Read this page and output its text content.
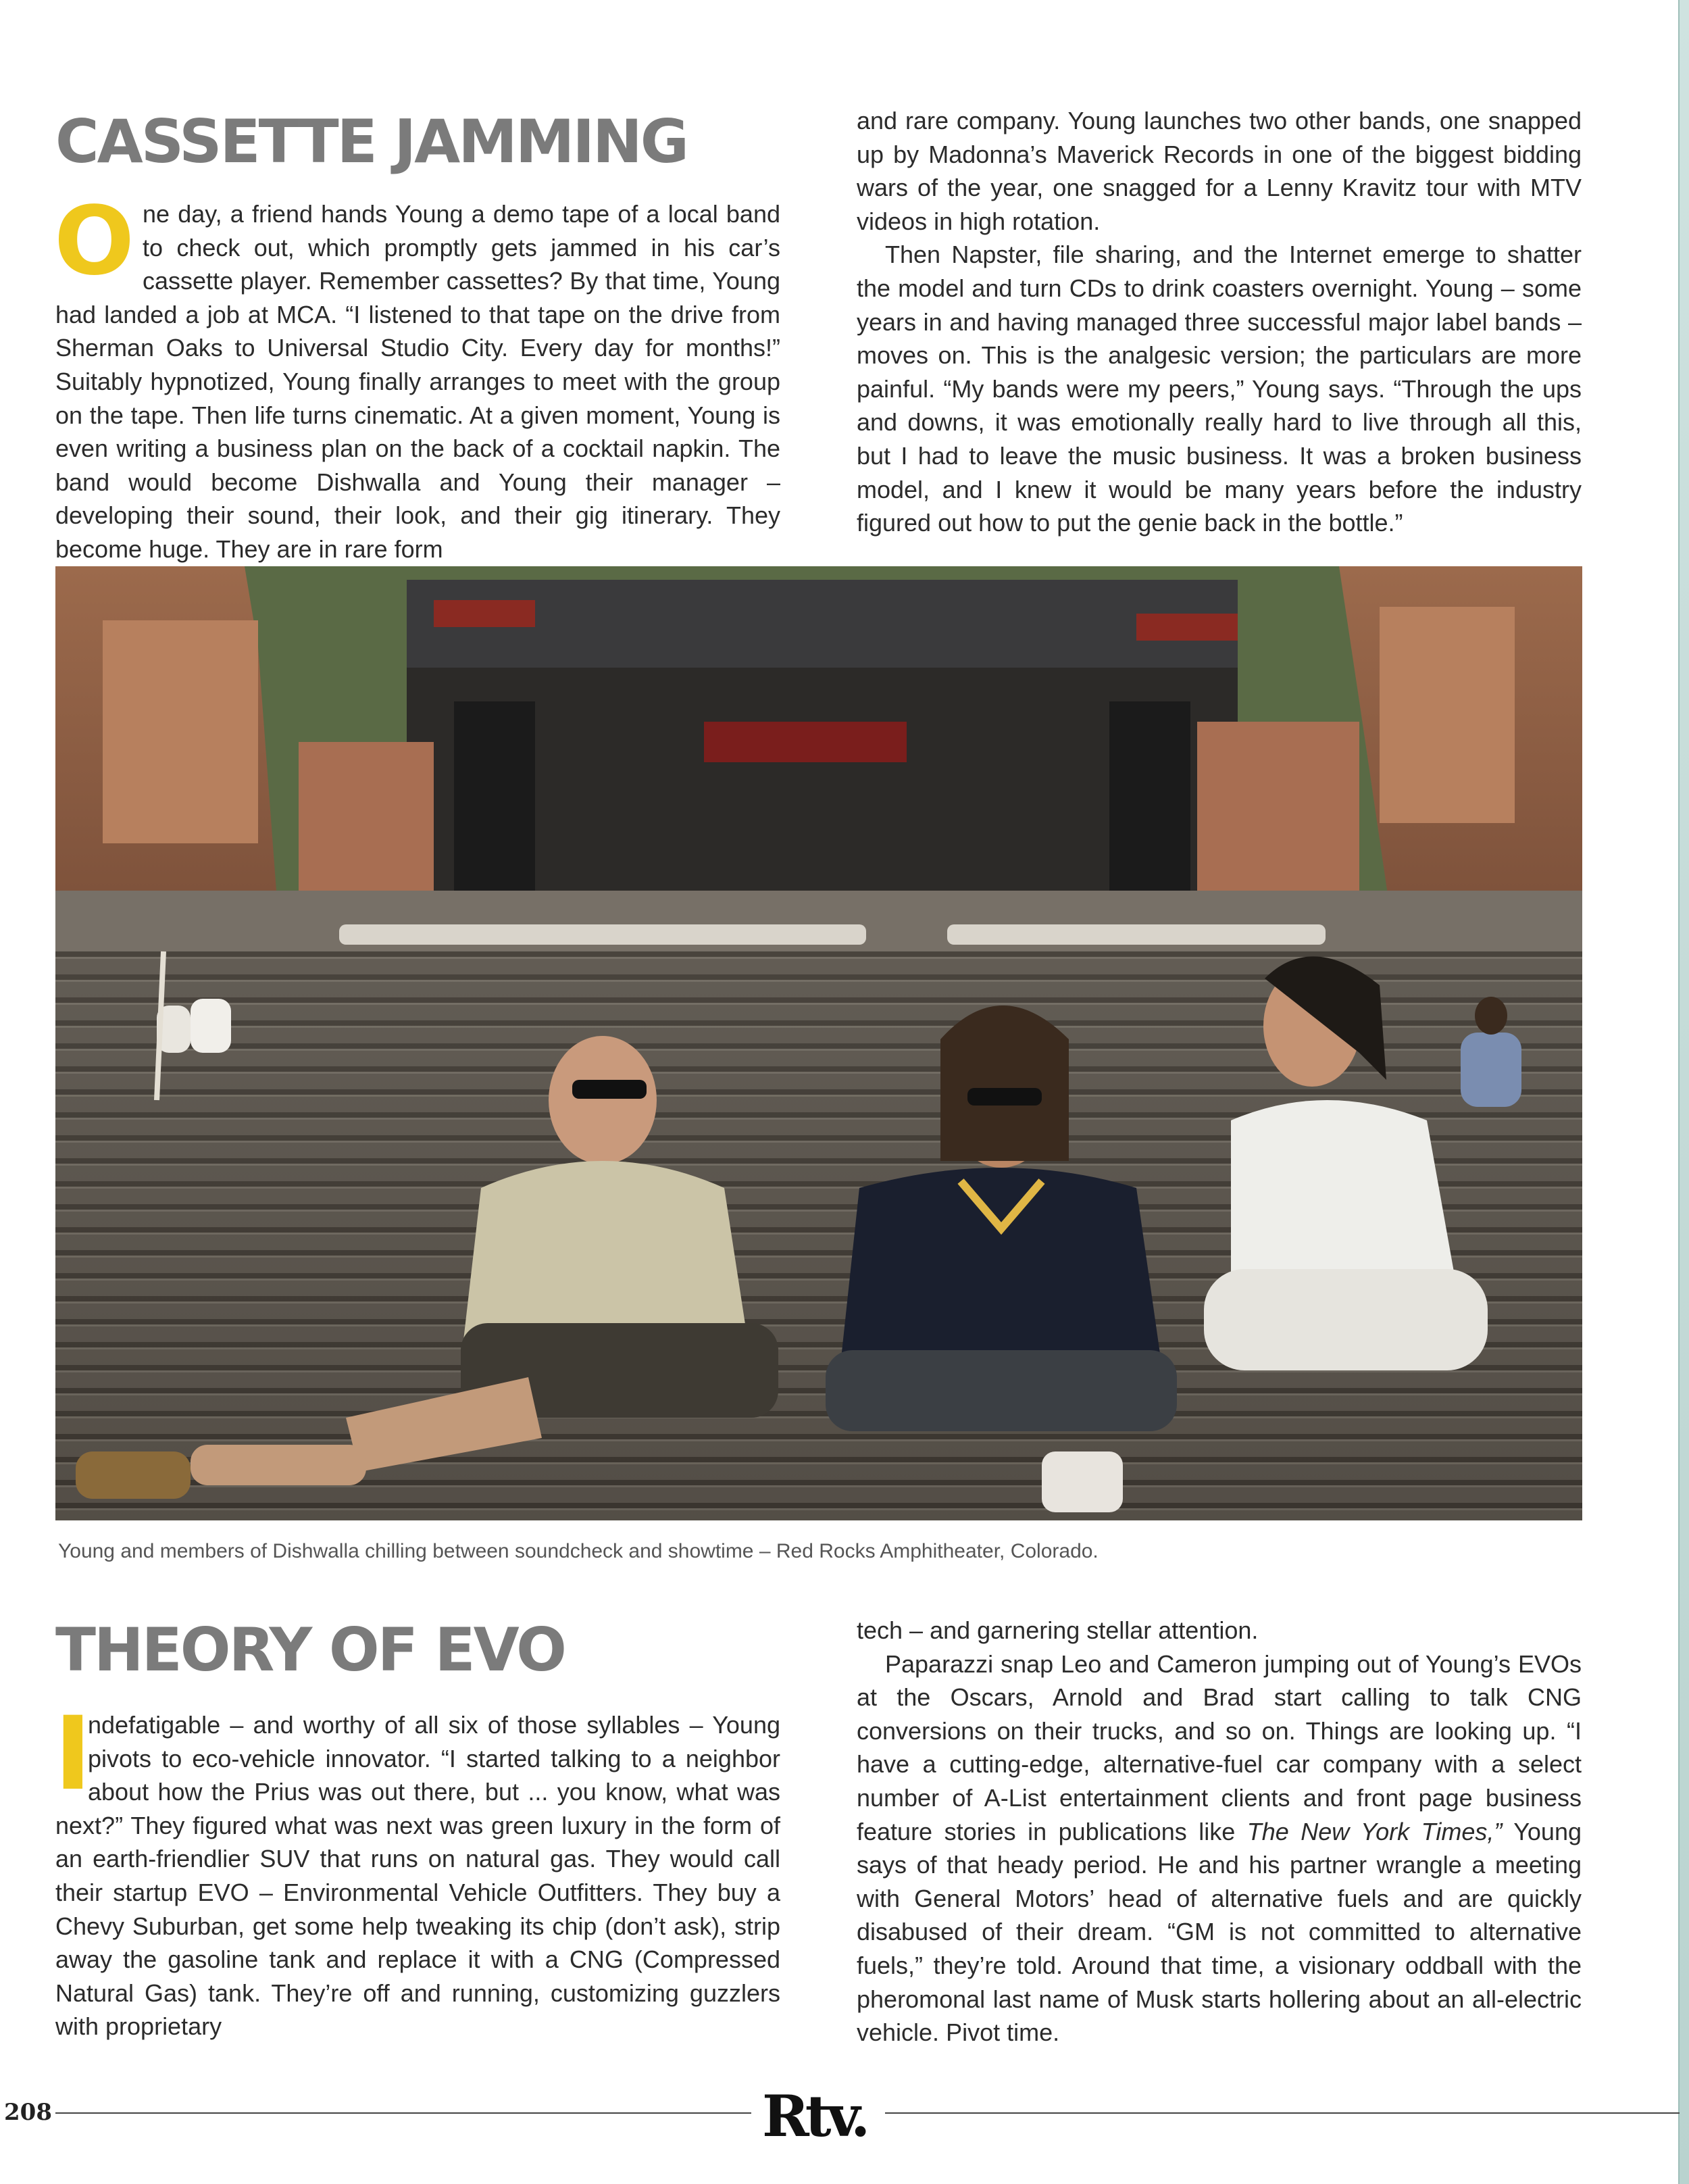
CASSETTE JAMMING

One day, a friend hands Young a demo tape of a local band to check out, which promptly gets jammed in his car’s cassette player. Remember cassettes? By that time, Young had landed a job at MCA. “I listened to that tape on the drive from Sherman Oaks to Universal Studio City. Every day for months!” Suitably hypnotized, Young finally arranges to meet with the group on the tape. Then life turns cinematic. At a given moment, Young is even writing a business plan on the back of a cocktail napkin. The band would become Dishwalla and Young their manager – developing their sound, their look, and their gig itinerary. They become huge. They are in rare form

and rare company. Young launches two other bands, one snapped up by Madonna’s Maverick Records in one of the biggest bidding wars of the year, one snagged for a Lenny Kravitz tour with MTV videos in high rotation.

Then Napster, file sharing, and the Internet emerge to shatter the model and turn CDs to drink coasters overnight. Young – some years in and having managed three successful major label bands – moves on. This is the analgesic version; the particulars are more painful. “My bands were my peers,” Young says. “Through the ups and downs, it was emotionally really hard to live through all this, but I had to leave the music business. It was a broken business model, and I knew it would be many years before the industry figured out how to put the genie back in the bottle.”

Young and members of Dishwalla chilling between soundcheck and showtime – Red Rocks Amphitheater, Colorado.
THEORY OF EVO

I
ndefatigable – and worthy of all six of those syllables – Young pivots to eco-vehicle innovator. “I started talking to a neighbor about how the Prius was out there, but ... you know, what was next?” They figured what was next was green luxury in the form of an earth-friendlier SUV that runs on natural gas. They would call their startup EVO – Environmental Vehicle Outfitters. They buy a Chevy Suburban, get some help tweaking its chip (don’t ask), strip away the gasoline tank and replace it with a CNG (Compressed Natural Gas) tank. They’re off and running, customizing guzzlers with proprietary

tech – and garnering stellar attention.

Paparazzi snap Leo and Cameron jumping out of Young’s EVOs at the Oscars, Arnold and Brad start calling to talk CNG conversions on their trucks, and so on. Things are looking up. “I have a cutting-edge, alternative-fuel car company with a select number of A-List entertainment clients and front page business feature stories in publications like The New York Times,” Young says of that heady period. He and his partner wrangle a meeting with General Motors’ head of alternative fuels and are quickly disabused of their dream. “GM is not committed to alternative fuels,” they’re told. Around that time, a visionary oddball with the pheromonal last name of Musk starts hollering about an all-electric vehicle. Pivot time.

208	Rtv.
